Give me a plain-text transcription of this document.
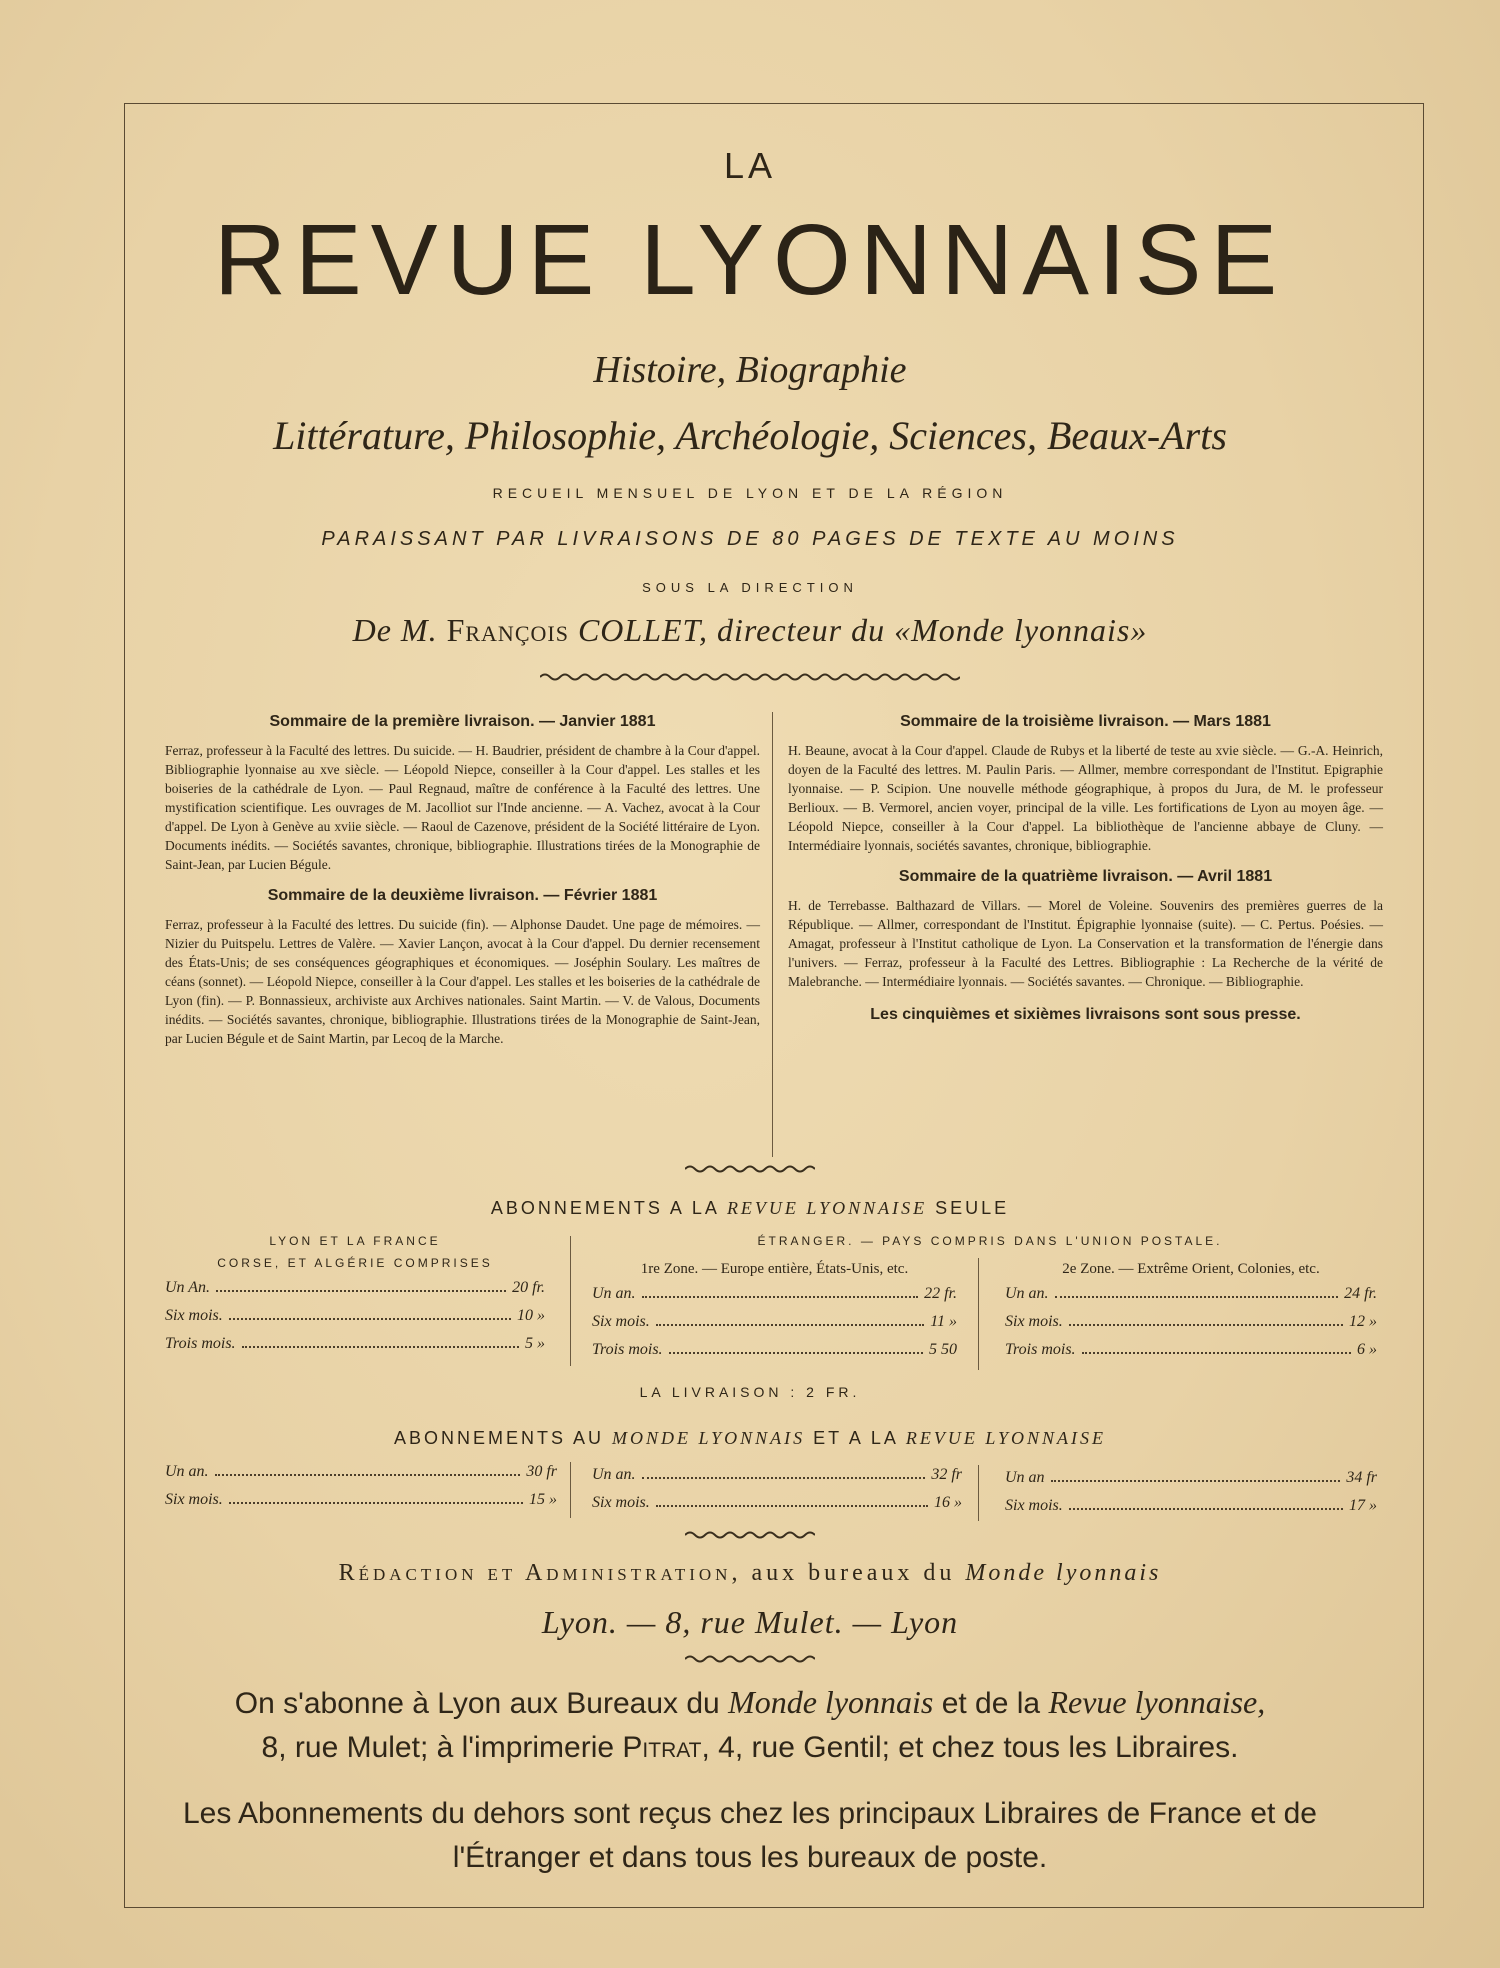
LA
REVUE LYONNAISE
Histoire, Biographie
Littérature, Philosophie, Archéologie, Sciences, Beaux-Arts
RECUEIL MENSUEL DE LYON ET DE LA RÉGION
PARAISSANT PAR LIVRAISONS DE 80 PAGES DE TEXTE AU MOINS
SOUS LA DIRECTION
De M. François COLLET, directeur du «Monde lyonnais»
Sommaire de la première livraison. — Janvier 1881
Ferraz, professeur à la Faculté des lettres. Du suicide. — H. Baudrier, président de chambre à la Cour d'appel. Bibliographie lyonnaise au xve siècle. — Léopold Niepce, conseiller à la Cour d'appel. Les stalles et les boiseries de la cathédrale de Lyon. — Paul Regnaud, maître de conférence à la Faculté des lettres. Une mystification scientifique. Les ouvrages de M. Jacolliot sur l'Inde ancienne. — A. Vachez, avocat à la Cour d'appel. De Lyon à Genève au xviie siècle. — Raoul de Cazenove, président de la Société littéraire de Lyon. Documents inédits. — Sociétés savantes, chronique, bibliographie. Illustrations tirées de la Monographie de Saint-Jean, par Lucien Bégule.
Sommaire de la deuxième livraison. — Février 1881
Ferraz, professeur à la Faculté des lettres. Du suicide (fin). — Alphonse Daudet. Une page de mémoires. — Nizier du Puitspelu. Lettres de Valère. — Xavier Lançon, avocat à la Cour d'appel. Du dernier recensement des États-Unis; de ses conséquences géographiques et économiques. — Joséphin Soulary. Les maîtres de céans (sonnet). — Léopold Niepce, conseiller à la Cour d'appel. Les stalles et les boiseries de la cathédrale de Lyon (fin). — P. Bonnassieux, archiviste aux Archives nationales. Saint Martin. — V. de Valous, Documents inédits. — Sociétés savantes, chronique, bibliographie. Illustrations tirées de la Monographie de Saint-Jean, par Lucien Bégule et de Saint Martin, par Lecoq de la Marche.
Sommaire de la troisième livraison. — Mars 1881
H. Beaune, avocat à la Cour d'appel. Claude de Rubys et la liberté de teste au xvie siècle. — G.-A. Heinrich, doyen de la Faculté des lettres. M. Paulin Paris. — Allmer, membre correspondant de l'Institut. Epigraphie lyonnaise. — P. Scipion. Une nouvelle méthode géographique, à propos du Jura, de M. le professeur Berlioux. — B. Vermorel, ancien voyer, principal de la ville. Les fortifications de Lyon au moyen âge. — Léopold Niepce, conseiller à la Cour d'appel. La bibliothèque de l'ancienne abbaye de Cluny. — Intermédiaire lyonnais, sociétés savantes, chronique, bibliographie.
Sommaire de la quatrième livraison. — Avril 1881
H. de Terrebasse. Balthazard de Villars. — Morel de Voleine. Souvenirs des premières guerres de la République. — Allmer, correspondant de l'Institut. Épigraphie lyonnaise (suite). — C. Pertus. Poésies. — Amagat, professeur à l'Institut catholique de Lyon. La Conservation et la transformation de l'énergie dans l'univers. — Ferraz, professeur à la Faculté des Lettres. Bibliographie : La Recherche de la vérité de Malebranche. — Intermédiaire lyonnais. — Sociétés savantes. — Chronique. — Bibliographie.
Les cinquièmes et sixièmes livraisons sont sous presse.
ABONNEMENTS A LA REVUE LYONNAISE SEULE
LYON ET LA FRANCE
CORSE, ET ALGÉRIE COMPRISES
Un An.	20 fr.
Six mois.	10 »
Trois mois.	5 »
ÉTRANGER. — PAYS COMPRIS DANS L'UNION POSTALE.
1re Zone. — Europe entière, États-Unis, etc.
Un an.	22 fr.
Six mois.	11 »
Trois mois.	5 50
2e Zone. — Extrême Orient, Colonies, etc.
Un an.	24 fr.
Six mois.	12 »
Trois mois.	6 »
LA LIVRAISON : 2 FR.
ABONNEMENTS AU MONDE LYONNAIS ET A LA REVUE LYONNAISE
Un an.	30 fr
Six mois.	15 »
Un an.	32 fr
Six mois.	16 »
Un an	34 fr
Six mois.	17 »
Rédaction et Administration, aux bureaux du Monde lyonnais
Lyon. — 8, rue Mulet. — Lyon
On s'abonne à Lyon aux Bureaux du Monde lyonnais et de la Revue lyonnaise,
8, rue Mulet; à l'imprimerie Pitrat, 4, rue Gentil; et chez tous les Libraires.
Les Abonnements du dehors sont reçus chez les principaux Libraires de France et de
l'Étranger et dans tous les bureaux de poste.
